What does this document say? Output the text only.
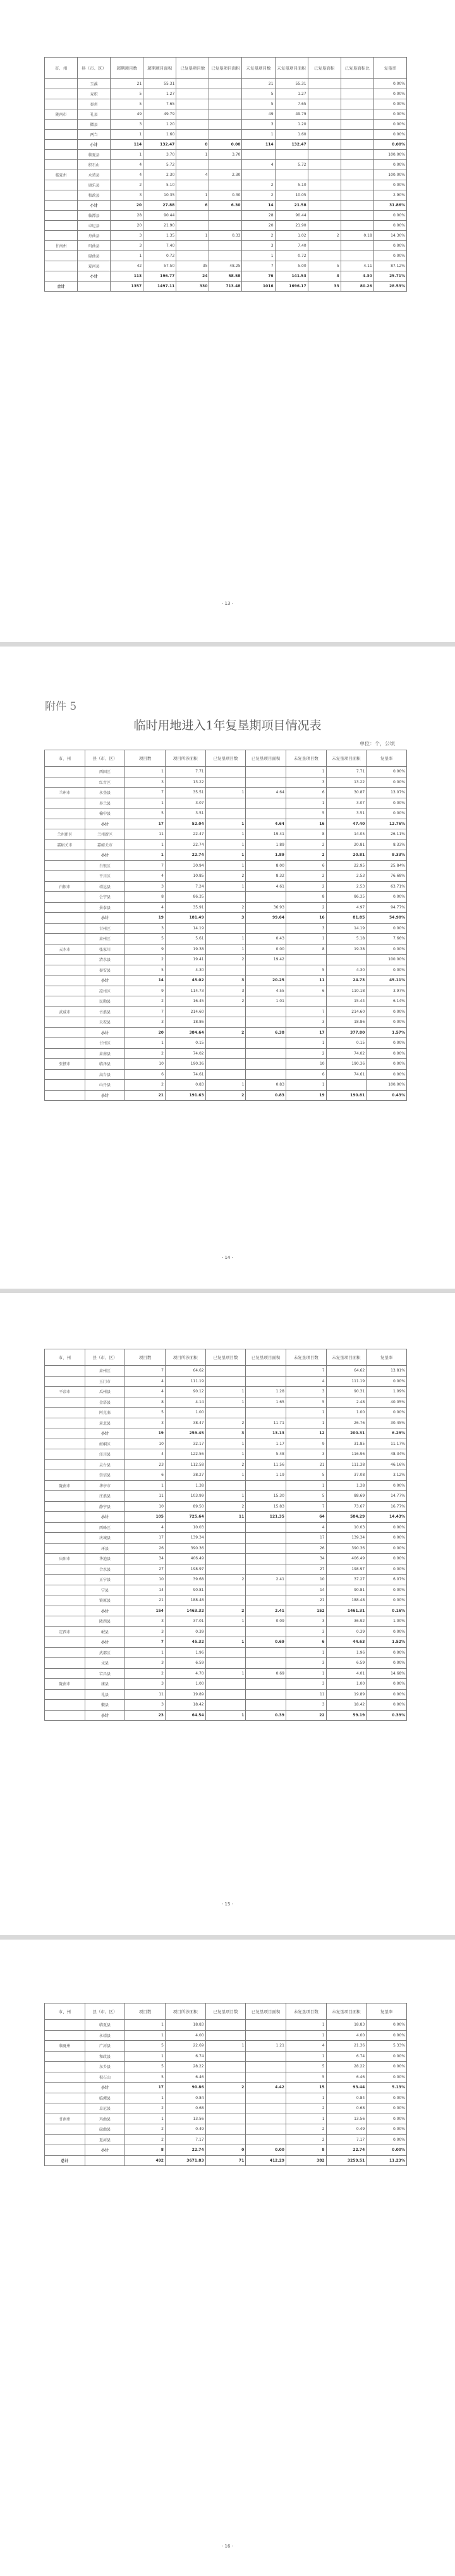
市、州	县（市、区）	超期项目数	超期项目面积	已复垦项目数	已复垦项目面积	未复垦项目数	未复垦项目面积	已复垦面积	已复垦面积比	复垦率
	玉溪	21	55.31			21	55.31			0.00%
	麦积	5	1.27			5	1.27			0.00%
	秦州	5	7.65			5	7.65			0.00%
陇南市	礼县	49	49.79			49	49.79			0.00%
	徽县	3	1.20			3	1.20			0.00%
	两当	1	1.60			1	1.60			0.00%
	小计	114	132.47	0	0.00	114	132.47			0.00%
	临夏县	1	3.70	1	3.70					100.00%
	积石山	4	5.72			4	5.72			0.00%
临夏州	永靖县	4	2.30	4	2.30					100.00%
	康乐县	2	5.10			2	5.10			0.00%
	和政县	3	10.35	1	0.30	2	10.05			2.90%
	小计	20	27.88	6	6.30	14	21.58			31.86%
	临潭县	28	90.44			28	90.44			0.00%
	卓尼县	20	21.90			20	21.90			0.00%
	舟曲县	3	1.35	1	0.33	2	1.02	2	0.18	14.30%
甘南州	玛曲县	3	7.40			3	7.40			0.00%
	碌曲县	1	0.72			1	0.72			0.00%
	夏河县	42	57.50	35	48.25	7	5.00	5	4.11	87.12%
	小计	113	196.77	24	58.58	76	141.53	3	4.30	25.71%
合计		1357	1497.11	330	713.48	1016	1696.17	33	80.26	28.53%
- 13 -
附件 5
临时用地进入1年复垦期项目情况表
单位：个，公顷
市、州	县（市、区）	项目数	项目所涉面积	已复垦项目数	已复垦项目面积	未复垦项目数	未复垦项目面积	复垦率
	西固区	1	7.71			1	7.71	0.00%
	红古区	3	13.22			3	13.22	0.00%
兰州市	永登县	7	35.51	1	4.64	6	30.87	13.07%
	皋兰县	1	3.07			1	3.07	0.00%
	榆中县	5	3.51			5	3.51	0.00%
	小计	17	52.04	1	4.64	16	47.40	12.76%
兰州新区	兰州新区	11	22.47	1	19.41	8	14.05	26.11%
嘉峪关市	嘉峪关市	1	22.74	1	1.89	2	20.81	8.33%
	小计	1	22.74	1	1.89	2	20.81	8.33%
	白银区	7	30.94	1	8.00	6	22.95	25.84%
	平川区	4	10.85	2	8.32	2	2.53	76.68%
白银市	靖远县	3	7.24	1	4.61	2	2.53	63.71%
	会宁县	8	86.35			8	86.35	0.00%
	景泰县	4	35.91	2	36.93	2	4.97	94.77%
	小计	19	181.49	3	99.64	16	81.85	54.90%
	甘州区	3	14.19			3	14.19	0.00%
	肃州区	5	5.61	1	0.43	1	5.18	7.66%
天水市	张家川	9	19.38	1	0.00	8	19.38	0.00%
	清水县	2	19.41	2	19.42			100.00%
	秦安县	5	4.30			5	4.30	0.00%
	小计	14	45.02	3	20.25	11	24.73	45.11%
	凉州区	9	114.73	3	4.55	6	110.18	3.97%
	民勤县	2	16.45	2	1.01		15.44	6.14%
武威市	古浪县	7	214.60			7	214.60	0.00%
	天祝县	3	18.86			3	18.86	0.00%
	小计	20	384.64	2	6.38	17	377.80	1.57%
	甘州区	1	0.15			1	0.15	0.00%
	肃南县	2	74.02			2	74.02	0.00%
张掖市	临泽县	10	190.36			10	190.36	0.00%
	高台县	6	74.61			6	74.61	0.00%
	山丹县	2	0.83	1	0.83	1		100.00%
	小计	21	191.63	2	0.83	19	190.81	0.43%
- 14 -
市、州	县（市、区）	项目数	项目所涉面积	已复垦项目数	已复垦项目面积	未复垦项目数	未复垦项目面积	复垦率
	肃州区	7	64.62			7	64.62	13.81%
	玉门市	4	111.19			4	111.19	0.00%
平凉市	瓜州县	4	90.12	1	1.28	3	90.31	1.09%
	金塔县	8	4.14	1	1.65	5	2.48	40.05%
	阿克塞	5	1.00			1	1.00	0.00%
	肃北县	3	38.47	2	11.71	1	26.76	30.45%
	小计	19	259.45	3	13.13	12	200.31	6.29%
	崆峒区	10	32.17	1	1.17	9	31.85	11.17%
	泾川县	4	122.56	1	5.48	3	116.96	48.34%
	灵台县	23	112.58	2	11.56	21	111.38	46.16%
	崇信县	6	38.27	1	1.19	5	37.08	3.12%
陇南市	华亭市	1	1.38			1	1.38	0.00%
	庄浪县	11	103.99	1	15.30	5	88.69	14.77%
	静宁县	10	89.50	2	15.83	7	73.67	16.77%
	小计	105	725.64	11	121.35	64	584.29	14.43%
	西峰区	4	10.03			4	10.03	0.00%
	庆城县	17	139.34			17	139.34	0.00%
	环县	26	390.36			26	390.36	0.00%
庆阳市	华池县	34	406.49			34	406.49	0.00%
	合水县	27	198.97			27	198.97	0.00%
	正宁县	10	39.68	2	2.41	10	37.27	6.07%
	宁县	14	90.81			14	90.81	0.00%
	镇原县	21	188.48			21	188.48	0.00%
	小计	154	1463.32	2	2.41	152	1461.31	0.16%
	陇西县	3	37.01	1	0.09	3	36.92	1.00%
定西市	岷县	3	0.39			3	0.39	0.00%
	小计	7	45.32	1	0.69	6	44.63	1.52%
	武都区	1	1.96			1	1.96	0.00%
	文县	3	6.59			3	6.59	0.00%
	宕昌县	2	4.70	1	0.69	1	4.01	14.68%
陇南市	康县	3	1.00			3	1.00	0.00%
	礼县	11	19.89			11	19.89	0.00%
	徽县	3	18.42			3	18.42	0.00%
	小计	23	64.54	1	0.39	22	59.19	0.39%
- 15 -
市、州	县（市、区）	项目数	项目所涉面积	已复垦项目数	已复垦项目面积	未复垦项目数	未复垦项目面积	复垦率
	临夏县	1	18.83			1	18.83	0.00%
	永靖县	1	4.00			1	4.00	0.00%
临夏州	广河县	5	22.69	1	1.21	4	21.36	5.33%
	和政县	1	6.74			1	6.74	0.00%
	东乡县	5	28.22			5	28.22	0.00%
	积石山	5	6.46			5	6.46	0.00%
	小计	17	90.86	2	4.42	15	93.44	5.13%
	临潭县	1	0.84			1	0.84	0.00%
	卓尼县	2	0.68			2	0.68	0.00%
甘南州	玛曲县	1	13.56			1	13.56	0.00%
	碌曲县	2	0.49			2	0.49	0.00%
	夏河县	2	7.17			2	7.17	0.00%
	小计	8	22.74	0	0.00	8	22.74	0.00%
总计		492	3671.83	71	412.29	382	3259.51	11.23%
- 16 -
